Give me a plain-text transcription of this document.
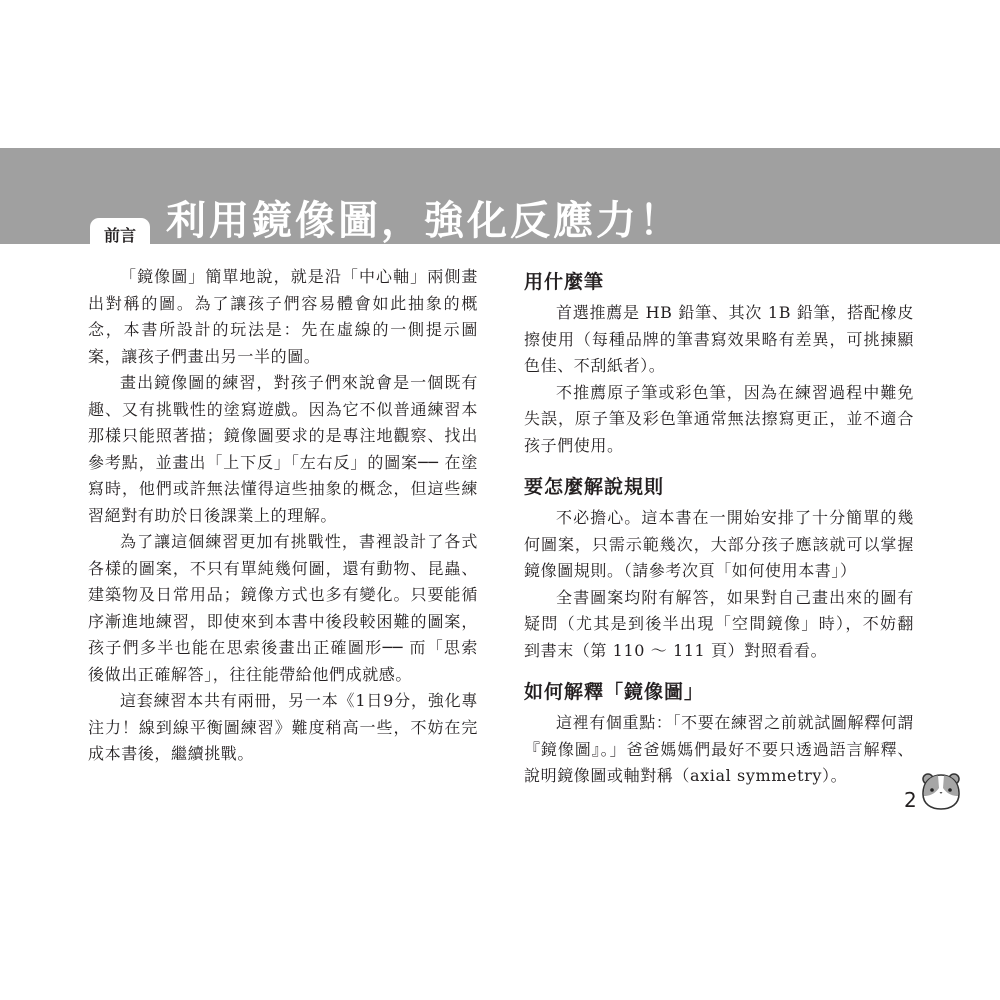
前言 利用鏡像圖，強化反應力！

「鏡像圖」簡單地說，就是沿「中心軸」兩側畫出對稱的圖。為了讓孩子們容易體會如此抽象的概念，本書所設計的玩法是：先在虛線的一側提示圖案，讓孩子們畫出另一半的圖。

畫出鏡像圖的練習，對孩子們來說會是一個既有趣、又有挑戰性的塗寫遊戲。因為它不似普通練習本那樣只能照著描；鏡像圖要求的是專注地觀察、找出參考點，並畫出「上下反」「左右反」的圖案── 在塗寫時，他們或許無法懂得這些抽象的概念，但這些練習絕對有助於日後課業上的理解。

為了讓這個練習更加有挑戰性，書裡設計了各式各樣的圖案，不只有單純幾何圖，還有動物、昆蟲、建築物及日常用品；鏡像方式也多有變化。只要能循序漸進地練習，即使來到本書中後段較困難的圖案，孩子們多半也能在思索後畫出正確圖形── 而「思索後做出正確解答」，往往能帶給他們成就感。

這套練習本共有兩冊，另一本《1日9分，強化專注力！線到線平衡圖練習》難度稍高一些，不妨在完成本書後，繼續挑戰。

用什麼筆

首選推薦是 HB 鉛筆、其次 1B 鉛筆，搭配橡皮擦使用（每種品牌的筆書寫效果略有差異，可挑揀顯色佳、不刮紙者）。

不推薦原子筆或彩色筆，因為在練習過程中難免失誤，原子筆及彩色筆通常無法擦寫更正，並不適合孩子們使用。

要怎麼解說規則

不必擔心。這本書在一開始安排了十分簡單的幾何圖案，只需示範幾次，大部分孩子應該就可以掌握鏡像圖規則。（請參考次頁「如何使用本書」）

全書圖案均附有解答，如果對自己畫出來的圖有疑問（尤其是到後半出現「空間鏡像」時），不妨翻到書末（第 110 ～ 111 頁）對照看看。

如何解釋「鏡像圖」

這裡有個重點：「不要在練習之前就試圖解釋何謂『鏡像圖』。」爸爸媽媽們最好不要只透過語言解釋、說明鏡像圖或軸對稱（axial symmetry）。

2
